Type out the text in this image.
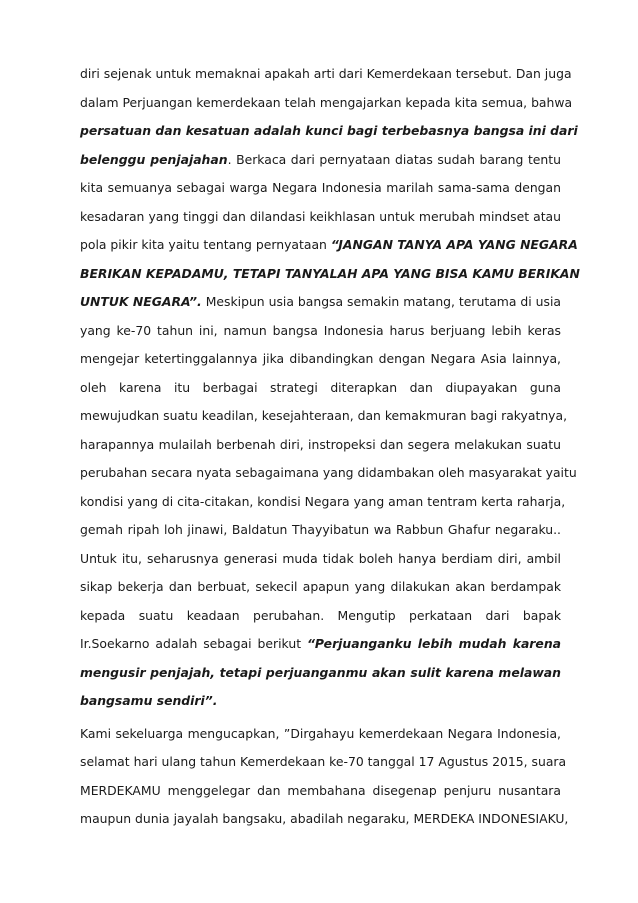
diri sejenak untuk memaknai apakah arti dari Kemerdekaan tersebut. Dan juga
dalam Perjuangan kemerdekaan telah mengajarkan kepada kita semua, bahwa
persatuan dan kesatuan adalah kunci bagi terbebasnya bangsa ini dari
belenggu penjajahan. Berkaca dari pernyataan diatas sudah barang tentu
kita semuanya sebagai warga Negara Indonesia marilah sama-sama dengan
kesadaran yang tinggi dan dilandasi keikhlasan untuk merubah mindset atau
pola pikir kita yaitu tentang pernyataan “JANGAN TANYA APA YANG NEGARA
BERIKAN KEPADAMU, TETAPI TANYALAH APA YANG BISA KAMU BERIKAN
UNTUK NEGARA”. Meskipun usia bangsa semakin matang, terutama di usia
yang ke-70 tahun ini, namun bangsa Indonesia harus berjuang lebih keras
mengejar ketertinggalannya jika dibandingkan dengan Negara Asia lainnya,
oleh karena itu berbagai strategi diterapkan dan diupayakan guna
mewujudkan suatu keadilan, kesejahteraan, dan kemakmuran bagi rakyatnya,
harapannya mulailah berbenah diri, instropeksi dan segera melakukan suatu
perubahan secara nyata sebagaimana yang didambakan oleh masyarakat yaitu
kondisi yang di cita-citakan, kondisi Negara yang aman tentram kerta raharja,
gemah ripah loh jinawi, Baldatun Thayyibatun wa Rabbun Ghafur negaraku..
Untuk itu, seharusnya generasi muda tidak boleh hanya berdiam diri, ambil
sikap bekerja dan berbuat, sekecil apapun yang dilakukan akan berdampak
kepada suatu keadaan perubahan. Mengutip perkataan dari bapak
Ir.Soekarno adalah sebagai berikut “Perjuanganku lebih mudah karena
mengusir penjajah, tetapi perjuanganmu akan sulit karena melawan
bangsamu sendiri”.
Kami sekeluarga mengucapkan, ”Dirgahayu kemerdekaan Negara Indonesia,
selamat hari ulang tahun Kemerdekaan ke-70 tanggal 17 Agustus 2015, suara
MERDEKAMU menggelegar dan membahana disegenap penjuru nusantara
maupun dunia jayalah bangsaku, abadilah negaraku, MERDEKA INDONESIAKU,
